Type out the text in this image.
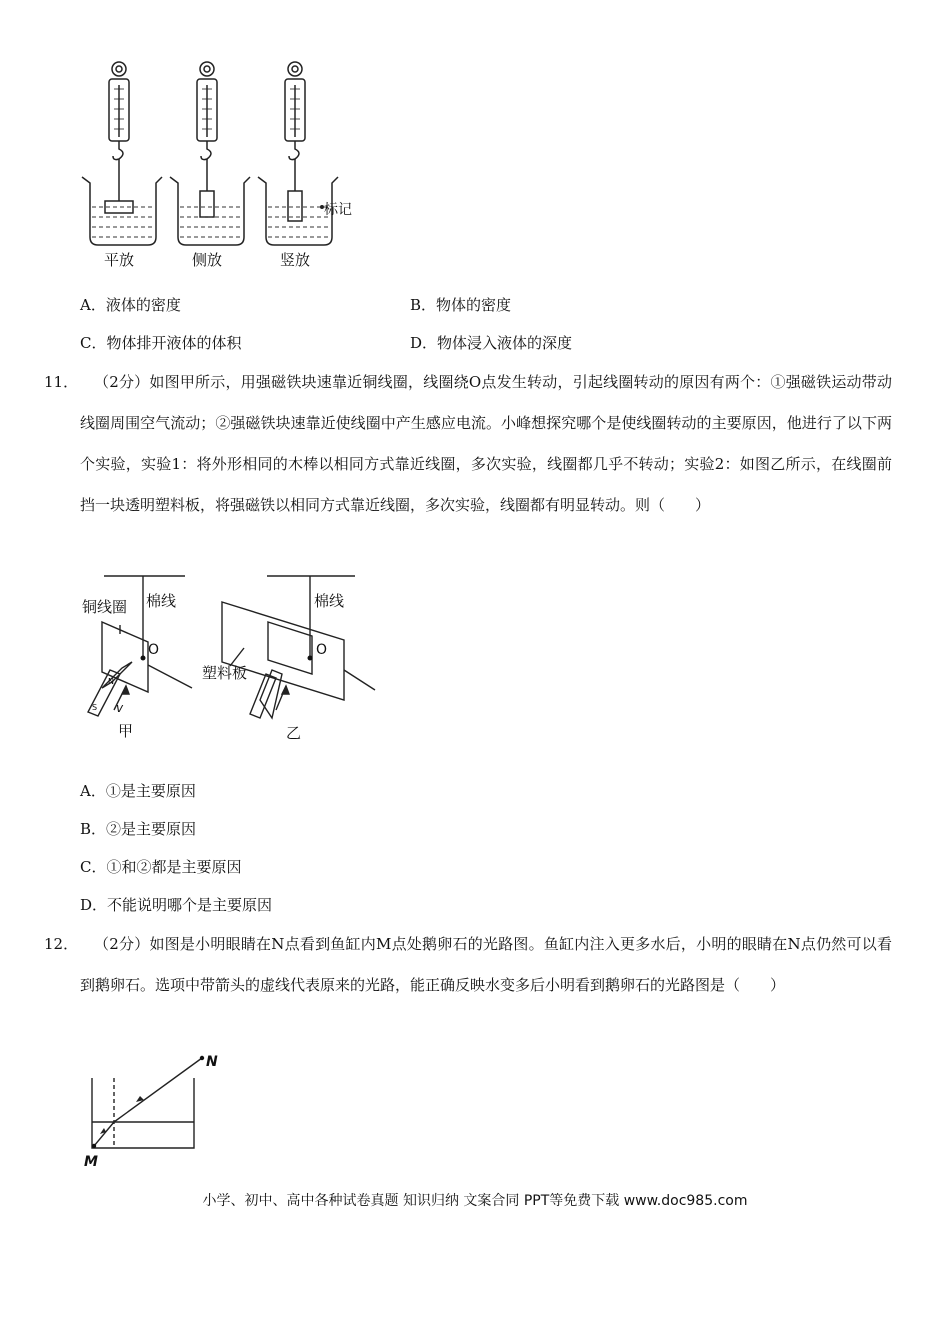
标记
平放	侧放	竖放
A．液体的密度	B．物体的密度
C．物体排开液体的体积	D．物体浸入液体的深度
11．	（2分）如图甲所示，用强磁铁块速靠近铜线圈，线圈绕O点发生转动，引起线圈转动的原因有两个：①强磁铁运动带动线圈周围空气流动；②强磁铁块速靠近使线圈中产生感应电流。小峰想探究哪个是使线圈转动的主要原因，他进行了以下两个实验，实验1：将外形相同的木棒以相同方式靠近线圈，多次实验，线圈都几乎不转动；实验2：如图乙所示，在线圈前挡一块透明塑料板，将强磁铁以相同方式靠近线圈，多次实验，线圈都有明显转动。则（　　）

铜线圈 棉线	棉线
塑料板
O	O
N
S v
甲	乙
A．①是主要原因
B．②是主要原因
C．①和②都是主要原因
D．不能说明哪个是主要原因
12．	（2分）如图是小明眼睛在N点看到鱼缸内M点处鹅卵石的光路图。鱼缸内注入更多水后，小明的眼睛在N点仍然可以看到鹅卵石。选项中带箭头的虚线代表原来的光路，能正确反映水变多后小明看到鹅卵石的光路图是（　　）

N
M
小学、初中、高中各种试卷真题 知识归纳 文案合同 PPT等免费下载 www.doc985.com
